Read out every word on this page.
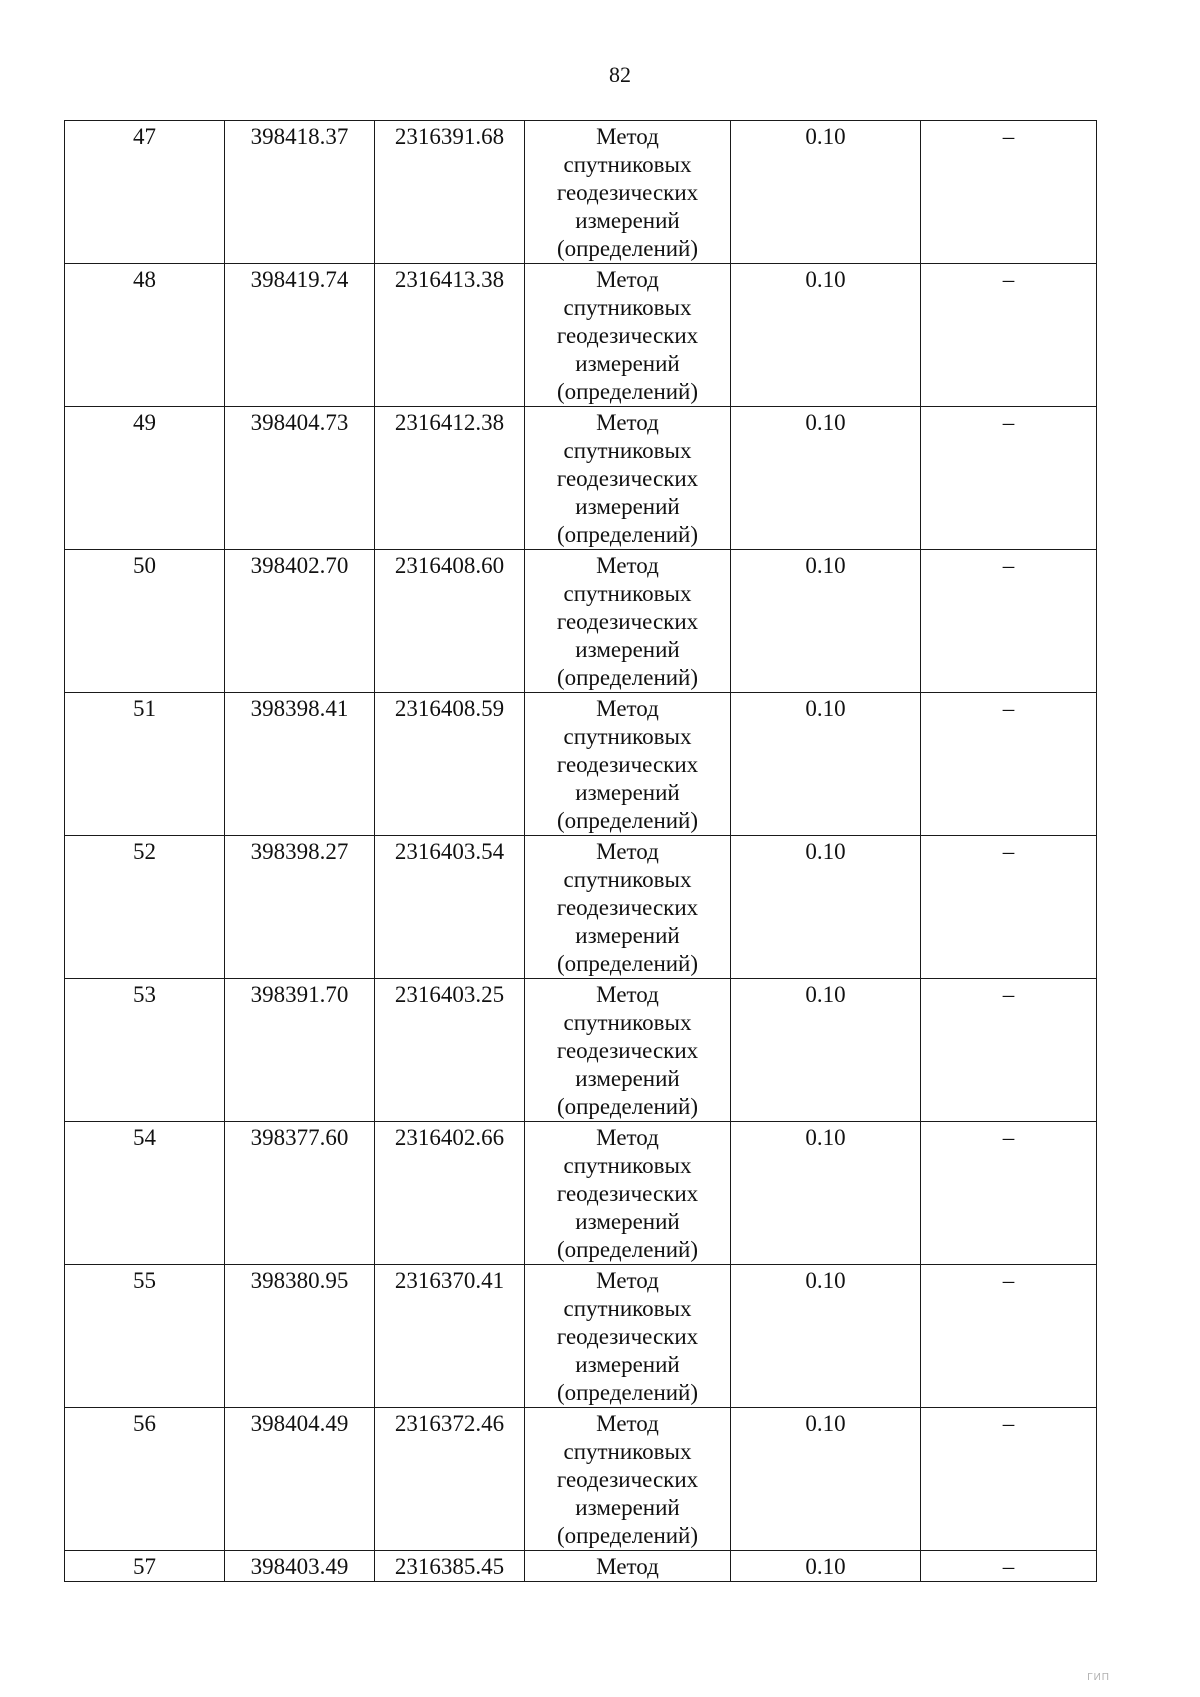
82
47	398418.37	2316391.68	Метод
спутниковых
геодезических
измерений
(определений)	0.10	–
48	398419.74	2316413.38	Метод
спутниковых
геодезических
измерений
(определений)	0.10	–
49	398404.73	2316412.38	Метод
спутниковых
геодезических
измерений
(определений)	0.10	–
50	398402.70	2316408.60	Метод
спутниковых
геодезических
измерений
(определений)	0.10	–
51	398398.41	2316408.59	Метод
спутниковых
геодезических
измерений
(определений)	0.10	–
52	398398.27	2316403.54	Метод
спутниковых
геодезических
измерений
(определений)	0.10	–
53	398391.70	2316403.25	Метод
спутниковых
геодезических
измерений
(определений)	0.10	–
54	398377.60	2316402.66	Метод
спутниковых
геодезических
измерений
(определений)	0.10	–
55	398380.95	2316370.41	Метод
спутниковых
геодезических
измерений
(определений)	0.10	–
56	398404.49	2316372.46	Метод
спутниковых
геодезических
измерений
(определений)	0.10	–
57	398403.49	2316385.45	Метод	0.10	–
ГИП
